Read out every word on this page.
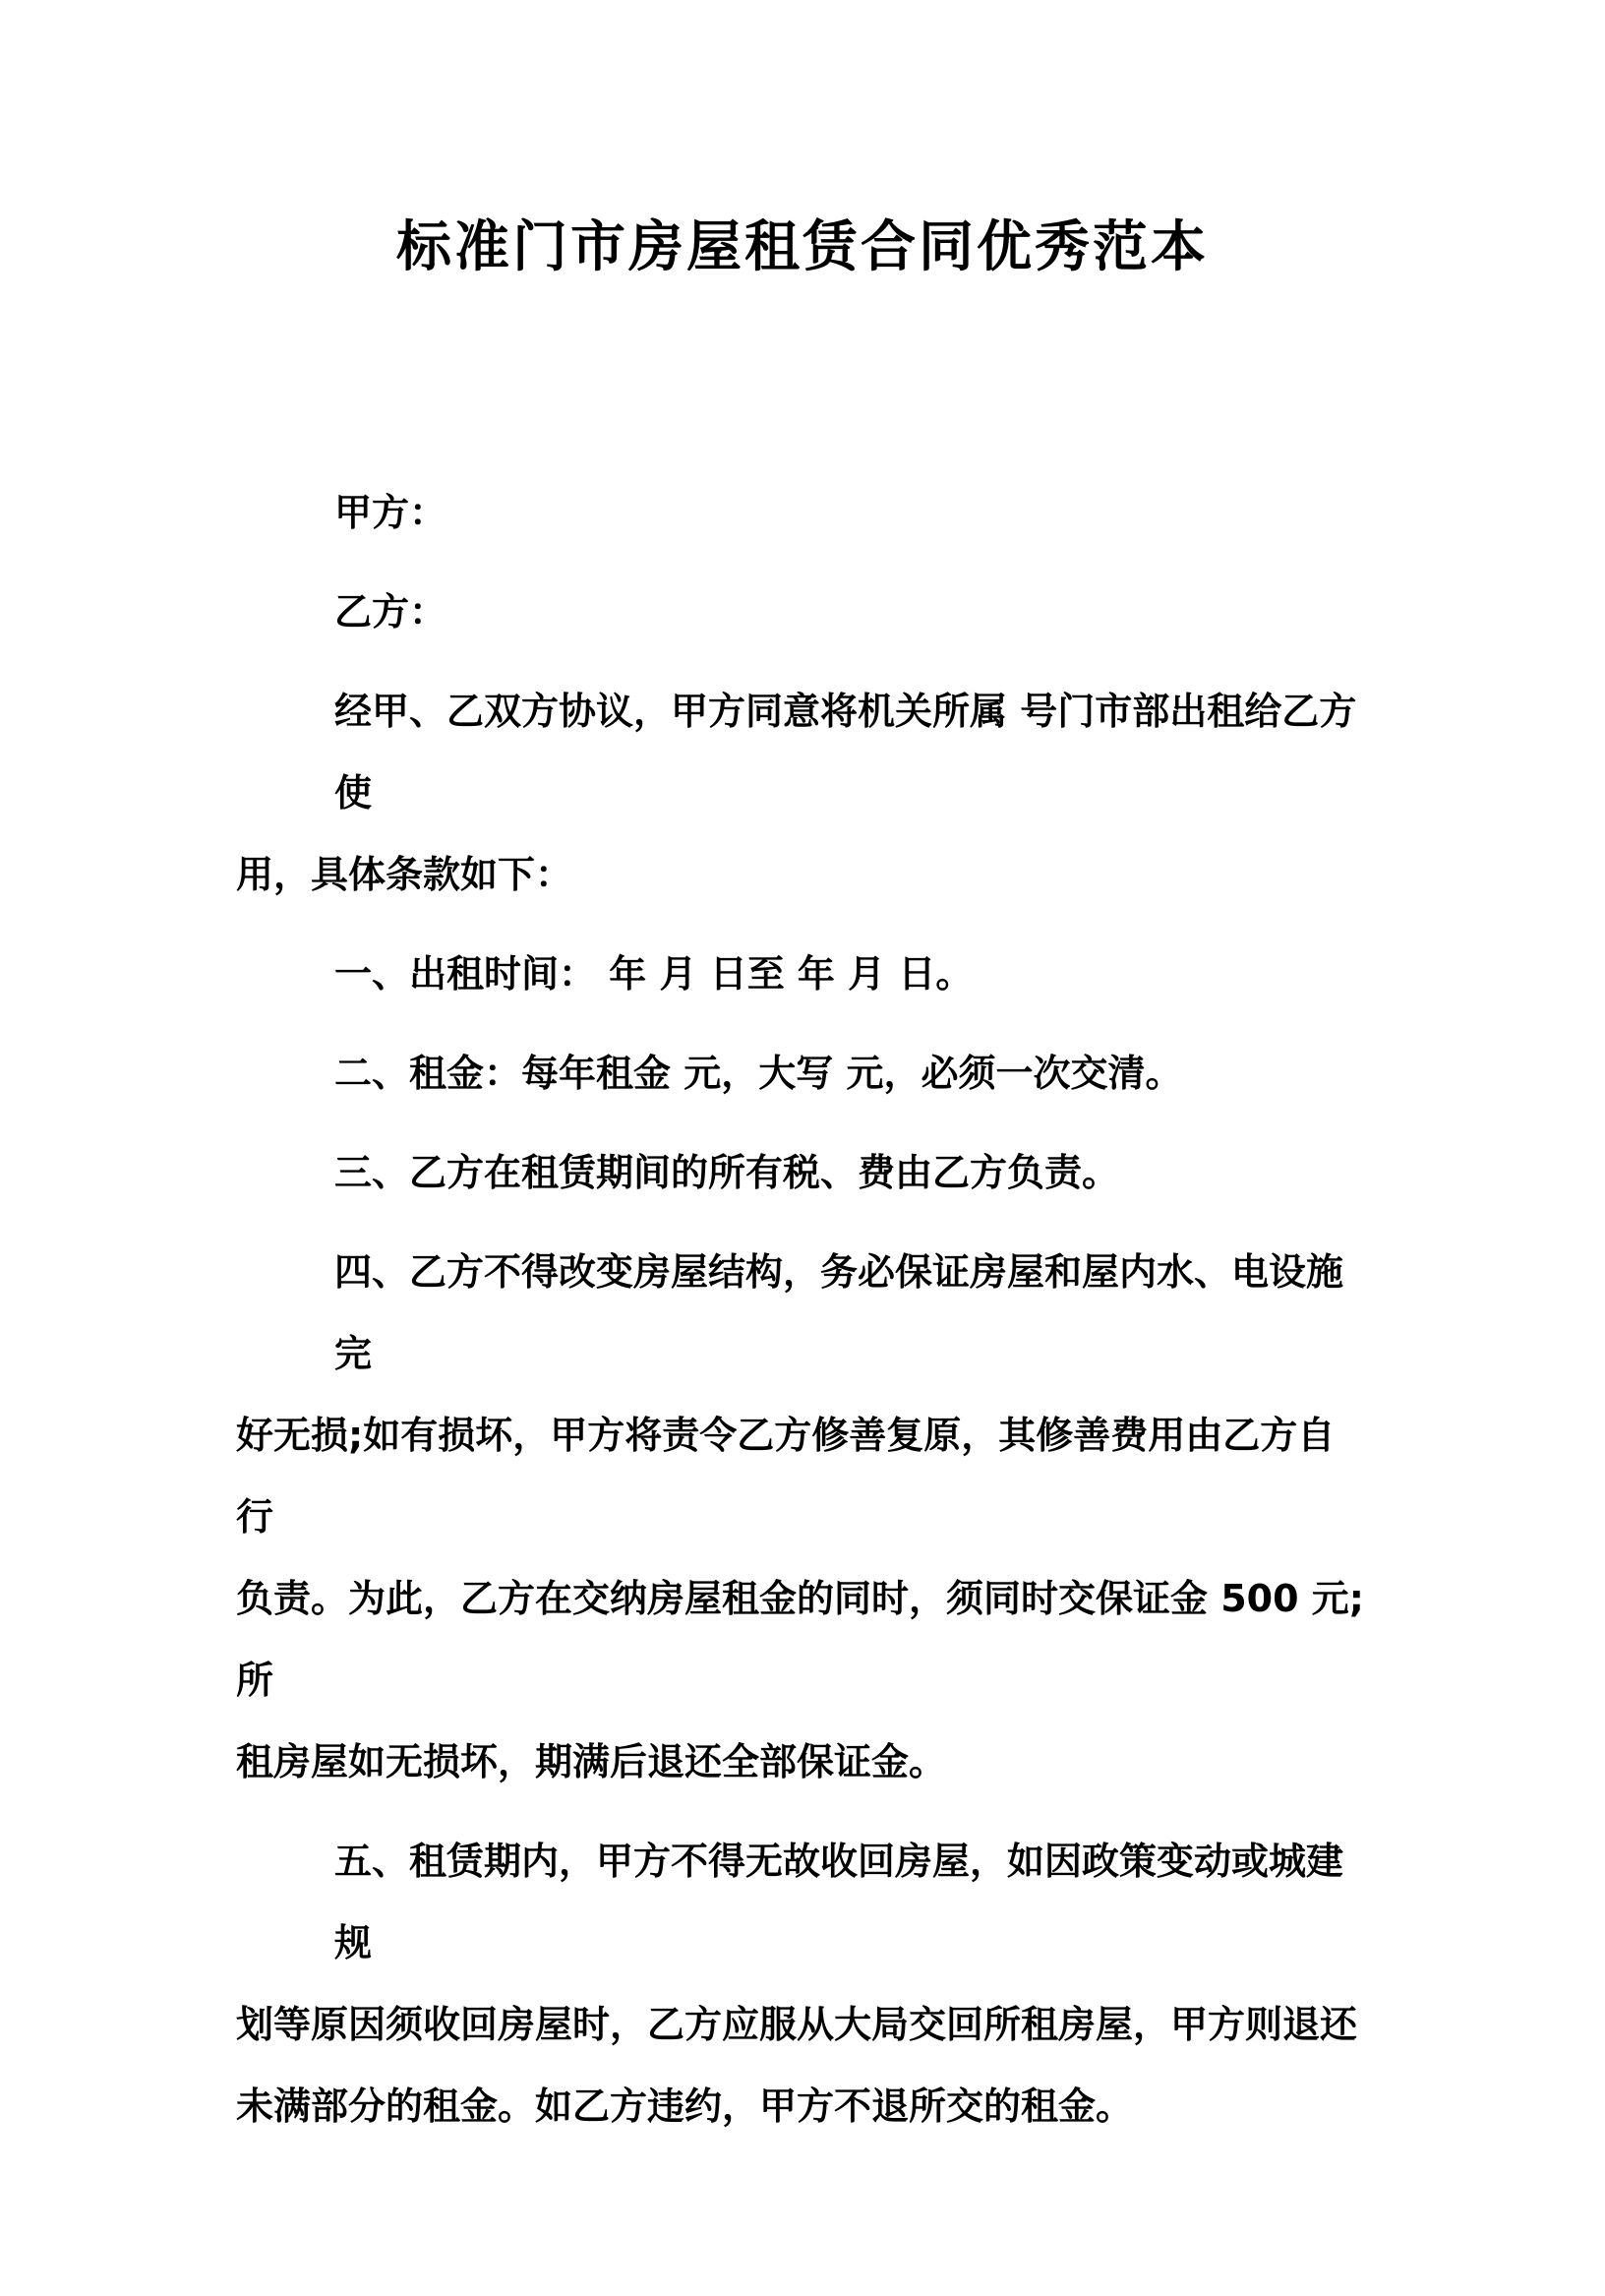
标准门市房屋租赁合同优秀范本
甲方：
乙方：
经甲、乙双方协议，甲方同意将机关所属 号门市部出租给乙方使
用，具体条款如下：
一、出租时间： 年 月 日至 年 月 日。
二、租金：每年租金 元，大写 元，必须一次交清。
三、乙方在租赁期间的所有税、费由乙方负责。
四、乙方不得改变房屋结构，务必保证房屋和屋内水、电设施完
好无损;如有损坏，甲方将责令乙方修善复原，其修善费用由乙方自行
负责。为此，乙方在交纳房屋租金的同时，须同时交保证金 500 元;所
租房屋如无损坏，期满后退还全部保证金。
五、租赁期内，甲方不得无故收回房屋，如因政策变动或城建规
划等原因须收回房屋时，乙方应服从大局交回所租房屋，甲方则退还
未满部分的租金。如乙方违约，甲方不退所交的租金。
